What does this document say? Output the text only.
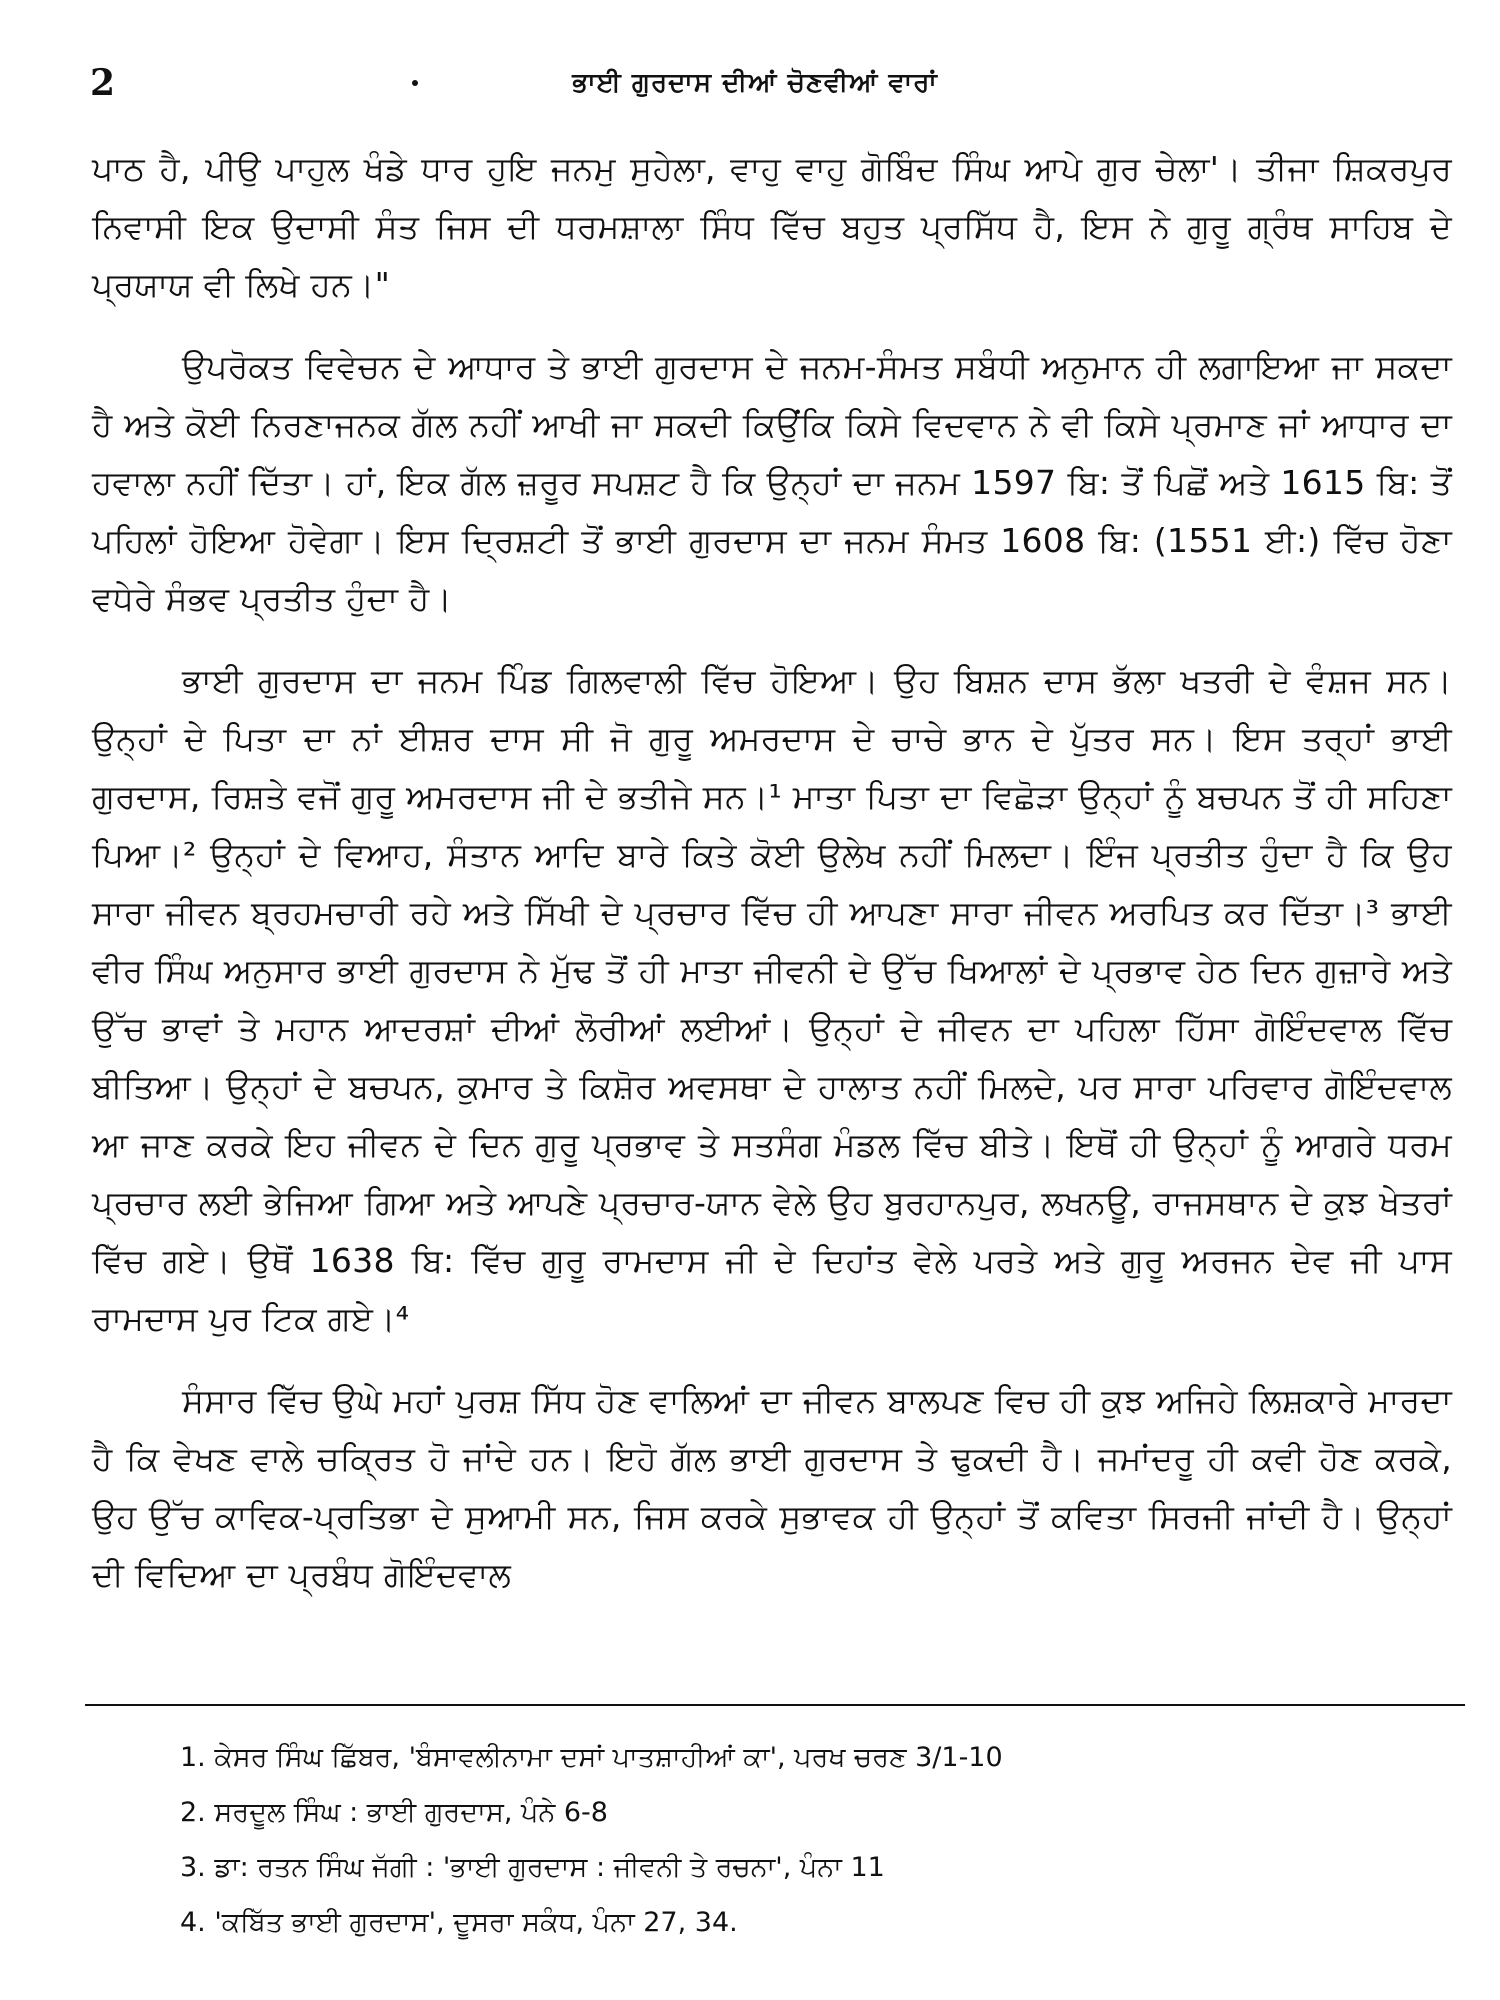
2	ਭਾਈ ਗੁਰਦਾਸ ਦੀਆਂ ਚੋਣਵੀਆਂ ਵਾਰਾਂ

ਪਾਠ ਹੈ, ਪੀਉ ਪਾਹੁਲ ਖੰਡੇ ਧਾਰ ਹੁਇ ਜਨਮੁ ਸੁਹੇਲਾ, ਵਾਹੁ ਵਾਹੁ ਗੋਬਿੰਦ ਸਿੰਘ ਆਪੇ ਗੁਰ ਚੇਲਾ'। ਤੀਜਾ ਸ਼ਿਕਰਪੁਰ ਨਿਵਾਸੀ ਇਕ ਉਦਾਸੀ ਸੰਤ ਜਿਸ ਦੀ ਧਰਮਸ਼ਾਲਾ ਸਿੰਧ ਵਿੱਚ ਬਹੁਤ ਪ੍ਰਸਿੱਧ ਹੈ, ਇਸ ਨੇ ਗੁਰੂ ਗ੍ਰੰਥ ਸਾਹਿਬ ਦੇ ਪ੍ਰਯਾਯ ਵੀ ਲਿਖੇ ਹਨ।"

ਉਪਰੋਕਤ ਵਿਵੇਚਨ ਦੇ ਆਧਾਰ ਤੇ ਭਾਈ ਗੁਰਦਾਸ ਦੇ ਜਨਮ-ਸੰਮਤ ਸਬੰਧੀ ਅਨੁਮਾਨ ਹੀ ਲਗਾਇਆ ਜਾ ਸਕਦਾ ਹੈ ਅਤੇ ਕੋਈ ਨਿਰਣਾਜਨਕ ਗੱਲ ਨਹੀਂ ਆਖੀ ਜਾ ਸਕਦੀ ਕਿਉਂਕਿ ਕਿਸੇ ਵਿਦਵਾਨ ਨੇ ਵੀ ਕਿਸੇ ਪ੍ਰਮਾਣ ਜਾਂ ਆਧਾਰ ਦਾ ਹਵਾਲਾ ਨਹੀਂ ਦਿੱਤਾ। ਹਾਂ, ਇਕ ਗੱਲ ਜ਼ਰੂਰ ਸਪਸ਼ਟ ਹੈ ਕਿ ਉਨ੍ਹਾਂ ਦਾ ਜਨਮ 1597 ਬਿ: ਤੋਂ ਪਿਛੋਂ ਅਤੇ 1615 ਬਿ: ਤੋਂ ਪਹਿਲਾਂ ਹੋਇਆ ਹੋਵੇਗਾ। ਇਸ ਦ੍ਰਿਸ਼ਟੀ ਤੋਂ ਭਾਈ ਗੁਰਦਾਸ ਦਾ ਜਨਮ ਸੰਮਤ 1608 ਬਿ: (1551 ਈ:) ਵਿੱਚ ਹੋਣਾ ਵਧੇਰੇ ਸੰਭਵ ਪ੍ਰਤੀਤ ਹੁੰਦਾ ਹੈ।

ਭਾਈ ਗੁਰਦਾਸ ਦਾ ਜਨਮ ਪਿੰਡ ਗਿਲਵਾਲੀ ਵਿੱਚ ਹੋਇਆ। ਉਹ ਬਿਸ਼ਨ ਦਾਸ ਭੱਲਾ ਖਤਰੀ ਦੇ ਵੰਸ਼ਜ ਸਨ। ਉਨ੍ਹਾਂ ਦੇ ਪਿਤਾ ਦਾ ਨਾਂ ਈਸ਼ਰ ਦਾਸ ਸੀ ਜੋ ਗੁਰੂ ਅਮਰਦਾਸ ਦੇ ਚਾਚੇ ਭਾਨ ਦੇ ਪੁੱਤਰ ਸਨ। ਇਸ ਤਰ੍ਹਾਂ ਭਾਈ ਗੁਰਦਾਸ, ਰਿਸ਼ਤੇ ਵਜੋਂ ਗੁਰੂ ਅਮਰਦਾਸ ਜੀ ਦੇ ਭਤੀਜੇ ਸਨ।¹ ਮਾਤਾ ਪਿਤਾ ਦਾ ਵਿਛੋੜਾ ਉਨ੍ਹਾਂ ਨੂੰ ਬਚਪਨ ਤੋਂ ਹੀ ਸਹਿਣਾ ਪਿਆ।² ਉਨ੍ਹਾਂ ਦੇ ਵਿਆਹ, ਸੰਤਾਨ ਆਦਿ ਬਾਰੇ ਕਿਤੇ ਕੋਈ ਉਲੇਖ ਨਹੀਂ ਮਿਲਦਾ। ਇੰਜ ਪ੍ਰਤੀਤ ਹੁੰਦਾ ਹੈ ਕਿ ਉਹ ਸਾਰਾ ਜੀਵਨ ਬ੍ਰਹਮਚਾਰੀ ਰਹੇ ਅਤੇ ਸਿੱਖੀ ਦੇ ਪ੍ਰਚਾਰ ਵਿੱਚ ਹੀ ਆਪਣਾ ਸਾਰਾ ਜੀਵਨ ਅਰਪਿਤ ਕਰ ਦਿੱਤਾ।³ ਭਾਈ ਵੀਰ ਸਿੰਘ ਅਨੁਸਾਰ ਭਾਈ ਗੁਰਦਾਸ ਨੇ ਮੁੱਢ ਤੋਂ ਹੀ ਮਾਤਾ ਜੀਵਨੀ ਦੇ ਉੱਚ ਖਿਆਲਾਂ ਦੇ ਪ੍ਰਭਾਵ ਹੇਠ ਦਿਨ ਗੁਜ਼ਾਰੇ ਅਤੇ ਉੱਚ ਭਾਵਾਂ ਤੇ ਮਹਾਨ ਆਦਰਸ਼ਾਂ ਦੀਆਂ ਲੋਰੀਆਂ ਲਈਆਂ। ਉਨ੍ਹਾਂ ਦੇ ਜੀਵਨ ਦਾ ਪਹਿਲਾ ਹਿੱਸਾ ਗੋਇੰਦਵਾਲ ਵਿੱਚ ਬੀਤਿਆ। ਉਨ੍ਹਾਂ ਦੇ ਬਚਪਨ, ਕੁਮਾਰ ਤੇ ਕਿਸ਼ੋਰ ਅਵਸਥਾ ਦੇ ਹਾਲਾਤ ਨਹੀਂ ਮਿਲਦੇ, ਪਰ ਸਾਰਾ ਪਰਿਵਾਰ ਗੋਇੰਦਵਾਲ ਆ ਜਾਣ ਕਰਕੇ ਇਹ ਜੀਵਨ ਦੇ ਦਿਨ ਗੁਰੂ ਪ੍ਰਭਾਵ ਤੇ ਸਤਸੰਗ ਮੰਡਲ ਵਿੱਚ ਬੀਤੇ। ਇਥੋਂ ਹੀ ਉਨ੍ਹਾਂ ਨੂੰ ਆਗਰੇ ਧਰਮ ਪ੍ਰਚਾਰ ਲਈ ਭੇਜਿਆ ਗਿਆ ਅਤੇ ਆਪਣੇ ਪ੍ਰਚਾਰ-ਯਾਨ ਵੇਲੇ ਉਹ ਬੁਰਹਾਨਪੁਰ, ਲਖਨਊ, ਰਾਜਸਥਾਨ ਦੇ ਕੁਝ ਖੇਤਰਾਂ ਵਿੱਚ ਗਏ। ਉਥੋਂ 1638 ਬਿ: ਵਿੱਚ ਗੁਰੂ ਰਾਮਦਾਸ ਜੀ ਦੇ ਦਿਹਾਂਤ ਵੇਲੇ ਪਰਤੇ ਅਤੇ ਗੁਰੂ ਅਰਜਨ ਦੇਵ ਜੀ ਪਾਸ ਰਾਮਦਾਸ ਪੁਰ ਟਿਕ ਗਏ।⁴

ਸੰਸਾਰ ਵਿੱਚ ਉਘੇ ਮਹਾਂ ਪੁਰਸ਼ ਸਿੱਧ ਹੋਣ ਵਾਲਿਆਂ ਦਾ ਜੀਵਨ ਬਾਲਪਣ ਵਿਚ ਹੀ ਕੁਝ ਅਜਿਹੇ ਲਿਸ਼ਕਾਰੇ ਮਾਰਦਾ ਹੈ ਕਿ ਵੇਖਣ ਵਾਲੇ ਚਕ੍ਰਿਤ ਹੋ ਜਾਂਦੇ ਹਨ। ਇਹੋ ਗੱਲ ਭਾਈ ਗੁਰਦਾਸ ਤੇ ਢੁਕਦੀ ਹੈ। ਜਮਾਂਦਰੂ ਹੀ ਕਵੀ ਹੋਣ ਕਰਕੇ, ਉਹ ਉੱਚ ਕਾਵਿਕ-ਪ੍ਰਤਿਭਾ ਦੇ ਸੁਆਮੀ ਸਨ, ਜਿਸ ਕਰਕੇ ਸੁਭਾਵਕ ਹੀ ਉਨ੍ਹਾਂ ਤੋਂ ਕਵਿਤਾ ਸਿਰਜੀ ਜਾਂਦੀ ਹੈ। ਉਨ੍ਹਾਂ ਦੀ ਵਿਦਿਆ ਦਾ ਪ੍ਰਬੰਧ ਗੋਇੰਦਵਾਲ

1. ਕੇਸਰ ਸਿੰਘ ਛਿੱਬਰ, 'ਬੰਸਾਵਲੀਨਾਮਾ ਦਸਾਂ ਪਾਤਸ਼ਾਹੀਆਂ ਕਾ', ਪਰਖ ਚਰਣ 3/1-10
2. ਸਰਦੂਲ ਸਿੰਘ : ਭਾਈ ਗੁਰਦਾਸ, ਪੰਨੇ 6-8
3. ਡਾ: ਰਤਨ ਸਿੰਘ ਜੱਗੀ : 'ਭਾਈ ਗੁਰਦਾਸ : ਜੀਵਨੀ ਤੇ ਰਚਨਾ', ਪੰਨਾ 11
4. 'ਕਬਿੱਤ ਭਾਈ ਗੁਰਦਾਸ', ਦੂਸਰਾ ਸਕੰਧ, ਪੰਨਾ 27, 34.
